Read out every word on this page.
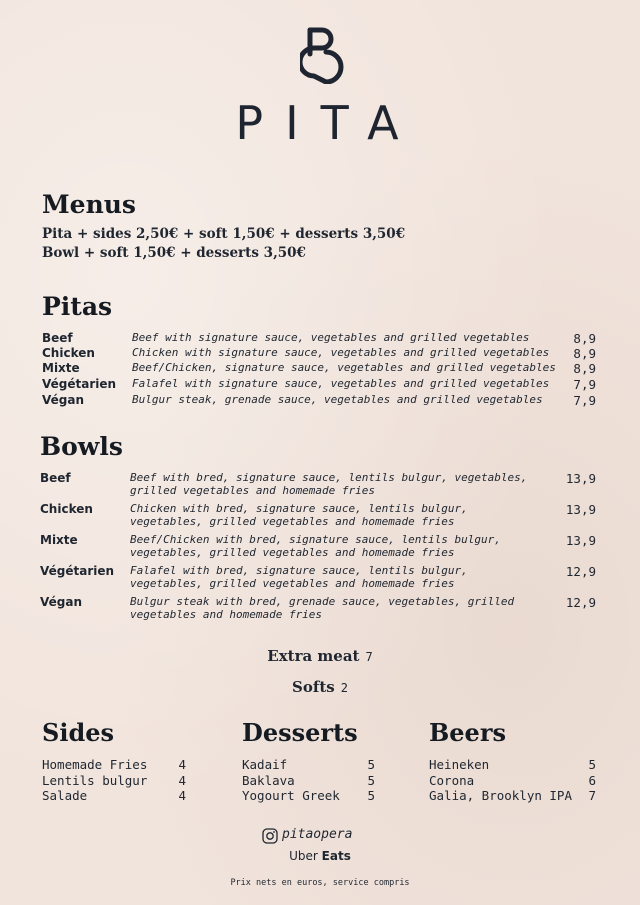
PITA
Menus
Pita + sides 2,50€ + soft 1,50€ + desserts 3,50€
Bowl + soft 1,50€ + desserts 3,50€
Pitas
Beef	Beef with signature sauce, vegetables and grilled vegetables	8,9
Chicken	Chicken with signature sauce, vegetables and grilled vegetables 8,9
Mixte	Beef/Chicken, signature sauce, vegetables and grilled vegetables 8,9
Végétarien Falafel with signature sauce, vegetables and grilled vegetables 7,9
Végan	Bulgur steak, grenade sauce, vegetables and grilled vegetables 7,9
Bowls
Beef	Beef with bred, signature sauce, lentils bulgur, vegetables,
grilled vegetables and homemade fries
13,9
Chicken	Chicken with bred, signature sauce, lentils bulgur,
vegetables, grilled vegetables and homemade fries
13,9
Mixte	Beef/Chicken with bred, signature sauce, lentils bulgur,
vegetables, grilled vegetables and homemade fries
13,9
Végétarien Falafel with bred, signature sauce, lentils bulgur,
vegetables, grilled vegetables and homemade fries
12,9
Végan	Bulgur steak with bred, grenade sauce, vegetables, grilled
vegetables and homemade fries
12,9
Extra meat 7
Softs 2
Sides
Homemade Fries 4
Lentils bulgur 4
Salade	4
Desserts
Kadaif	5
Baklava	5
Yogourt Greek 5
Beers
Heineken	5
Corona	6
Galia, Brooklyn IPA 7
pitaopera
Uber Eats
Prix nets en euros, service compris
